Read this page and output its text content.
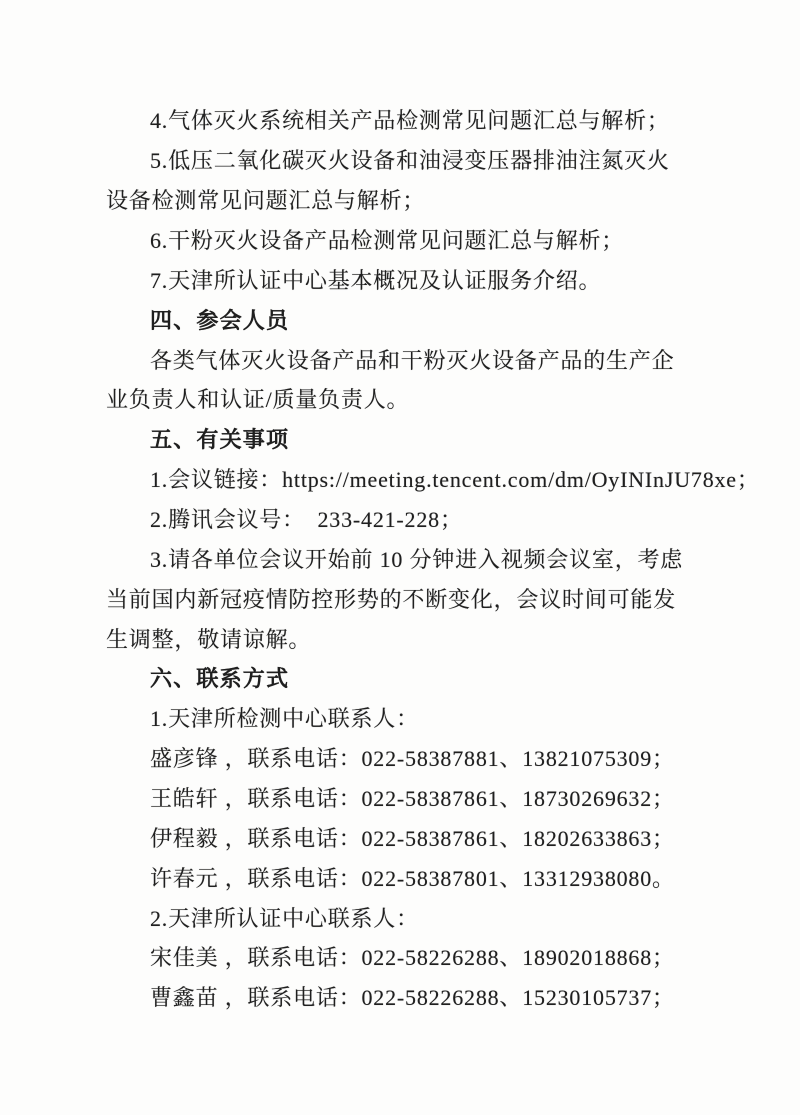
4.气体灭火系统相关产品检测常见问题汇总与解析；
5.低压二氧化碳灭火设备和油浸变压器排油注氮灭火
设备检测常见问题汇总与解析；
6.干粉灭火设备产品检测常见问题汇总与解析；
7.天津所认证中心基本概况及认证服务介绍。
四、参会人员
各类气体灭火设备产品和干粉灭火设备产品的生产企
业负责人和认证/质量负责人。
五、有关事项
1.会议链接：https://meeting.tencent.com/dm/OyINInJU78xe；
2.腾讯会议号：  233-421-228；
3.请各单位会议开始前 10 分钟进入视频会议室，考虑
当前国内新冠疫情防控形势的不断变化，会议时间可能发
生调整，敬请谅解。
六、联系方式
1.天津所检测中心联系人：
盛彦锋 ，联系电话：022-58387881、13821075309；
王皓轩 ，联系电话：022-58387861、18730269632；
伊程毅 ，联系电话：022-58387861、18202633863；
许春元 ，联系电话：022-58387801、13312938080。
2.天津所认证中心联系人：
宋佳美 ，联系电话：022-58226288、18902018868；
曹鑫苗 ，联系电话：022-58226288、15230105737；
